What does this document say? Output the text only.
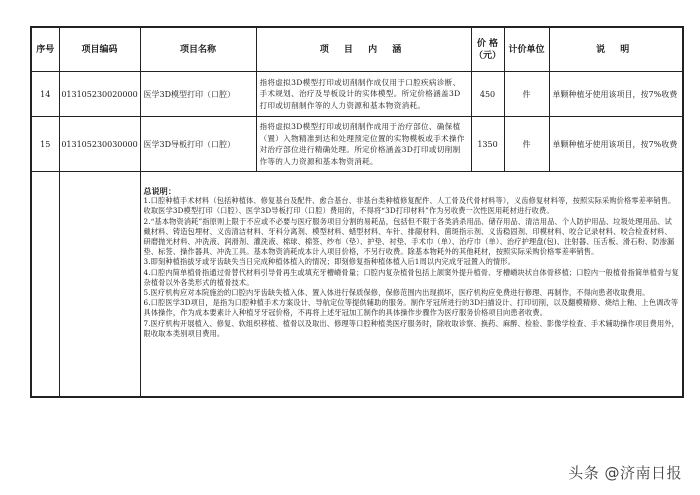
序号	项目编码	项目名称	项 目 内 涵	价 格
（元）	计价单位	说 明
14	013105230020000	医学3D模型打印（口腔）	指将虚拟3D模型打印或切削制作成仅用于口腔疾病诊断、手术规划、治疗及导板设计的实体模型。所定价格涵盖3D打印或切削制作等的人力资源和基本物资消耗。	450	件	单颗种植牙使用该项目，按7%收费
15	013105230030000	医学3D导板打印（口腔）	指将虚拟3D模型打印或切削制作成用于治疗部位、确保植（置）入物精准到达和处理预定位置的实物模板或手术操作对治疗部位进行精确处理。所定价格涵盖3D打印或切削制作等的人力资源和基本物资消耗。	1350	件	单颗种植牙使用该项目，按7%收费

总说明：

1.口腔种植手术材料（包括种植体、修复基台及配件、愈合基台、非基台类种植修复配件、人工骨及代骨材料等），义齿修复材料等，按照实际采购价格零差率销售。收取医学3D模型打印（口腔）、医学3D导板打印（口腔）费用的，不得将“3D打印材料”作为另收费一次性医用耗材进行收费。

2.“基本物资消耗”指原则上限于不应或不必要与医疗服务项目分割的易耗品，包括但不限于各类消杀用品、储存用品、清洁用品、个人防护用品、垃圾处理用品、试戴材料、铸造包埋材、义齿清洁材料、牙科分离剂、模型材料、蜡型材料、车针、排龈材料、菌斑指示剂、义齿稳固剂、印模材料、咬合记录材料、咬合检查材料、研磨抛光材料、冲洗液、润滑剂、灌洗液、棉球、棉签、纱布（垫）、护垫、衬垫、手术巾（单）、治疗巾（单）、治疗护理盘(包)、注射器、压舌板、滑石粉、防渗漏垫、标签、操作器具、冲洗工具。基本物资消耗成本计入项目价格，不另行收费。除基本物耗外的其他耗材，按照实际采购价格零差率销售。

3.即刻种植指拔牙或牙齿缺失当日完成种植体植入的情况；即刻修复指种植体植入后1周以内完成牙冠置入的情形。

4.口腔内简单植骨指通过骨替代材料引导骨再生或填充牙槽嵴骨量；口腔内复杂植骨包括上颌窦外提升植骨、牙槽嵴块状自体骨移植；口腔内一般植骨指简单植骨与复杂植骨以外各类形式的植骨技术。

5.医疗机构应对本院施治的口腔内牙齿缺失植入体、置入体进行保质保修，保修范围内出现损坏，医疗机构应免费进行修理、再制作，不得向患者收取费用。

6.口腔医学3D项目，是指为口腔种植手术方案设计、导航定位等提供辅助的服务。制作牙冠所进行的3D扫描设计、打印切削，以及翻模精修、烧结上釉、上色调改等具体操作，作为成本要素计入种植牙牙冠价格，不再将上述牙冠加工制作的具体操作步骤作为医疗服务价格项目向患者收费。

7.医疗机构开展植入、修复、软组织移植、植骨以及取出、修理等口腔种植类医疗服务时，除收取诊察、换药、麻醉、检验、影像学检查、手术辅助操作项目费用外，限收取本类别项目费用。

头条 @济南日报
